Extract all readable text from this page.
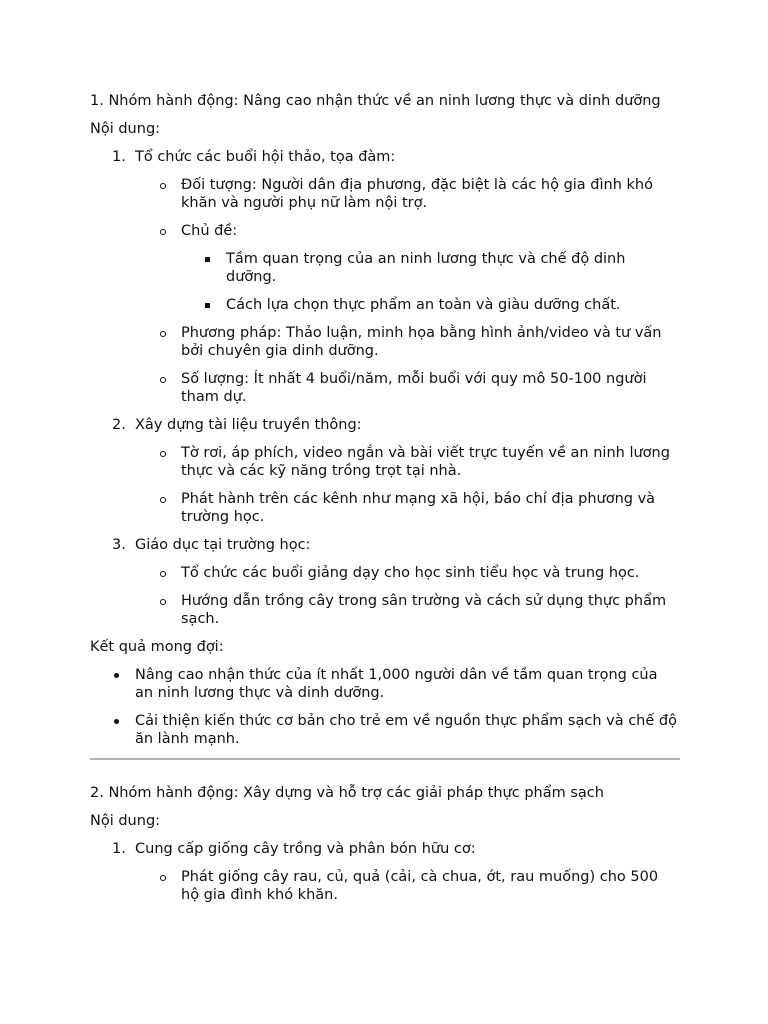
1. Nhóm hành động: Nâng cao nhận thức về an ninh lương thực và dinh dưỡng
Nội dung:
1. Tổ chức các buổi hội thảo, tọa đàm:
Đối tượng: Người dân địa phương, đặc biệt là các hộ gia đình khó khăn và người phụ nữ làm nội trợ.
Chủ đề:
Tầm quan trọng của an ninh lương thực và chế độ dinh dưỡng.
Cách lựa chọn thực phẩm an toàn và giàu dưỡng chất.
Phương pháp: Thảo luận, minh họa bằng hình ảnh/video và tư vấn bởi chuyên gia dinh dưỡng.
Số lượng: Ít nhất 4 buổi/năm, mỗi buổi với quy mô 50-100 người tham dự.
2. Xây dựng tài liệu truyền thông:
Tờ rơi, áp phích, video ngắn và bài viết trực tuyến về an ninh lương thực và các kỹ năng trồng trọt tại nhà.
Phát hành trên các kênh như mạng xã hội, báo chí địa phương và trường học.
3. Giáo dục tại trường học:
Tổ chức các buổi giảng dạy cho học sinh tiểu học và trung học.
Hướng dẫn trồng cây trong sân trường và cách sử dụng thực phẩm sạch.
Kết quả mong đợi:
Nâng cao nhận thức của ít nhất 1,000 người dân về tầm quan trọng của an ninh lương thực và dinh dưỡng.
Cải thiện kiến thức cơ bản cho trẻ em về nguồn thực phẩm sạch và chế độ ăn lành mạnh.
2. Nhóm hành động: Xây dựng và hỗ trợ các giải pháp thực phẩm sạch
Nội dung:
1. Cung cấp giống cây trồng và phân bón hữu cơ:
Phát giống cây rau, củ, quả (cải, cà chua, ớt, rau muống) cho 500 hộ gia đình khó khăn.
